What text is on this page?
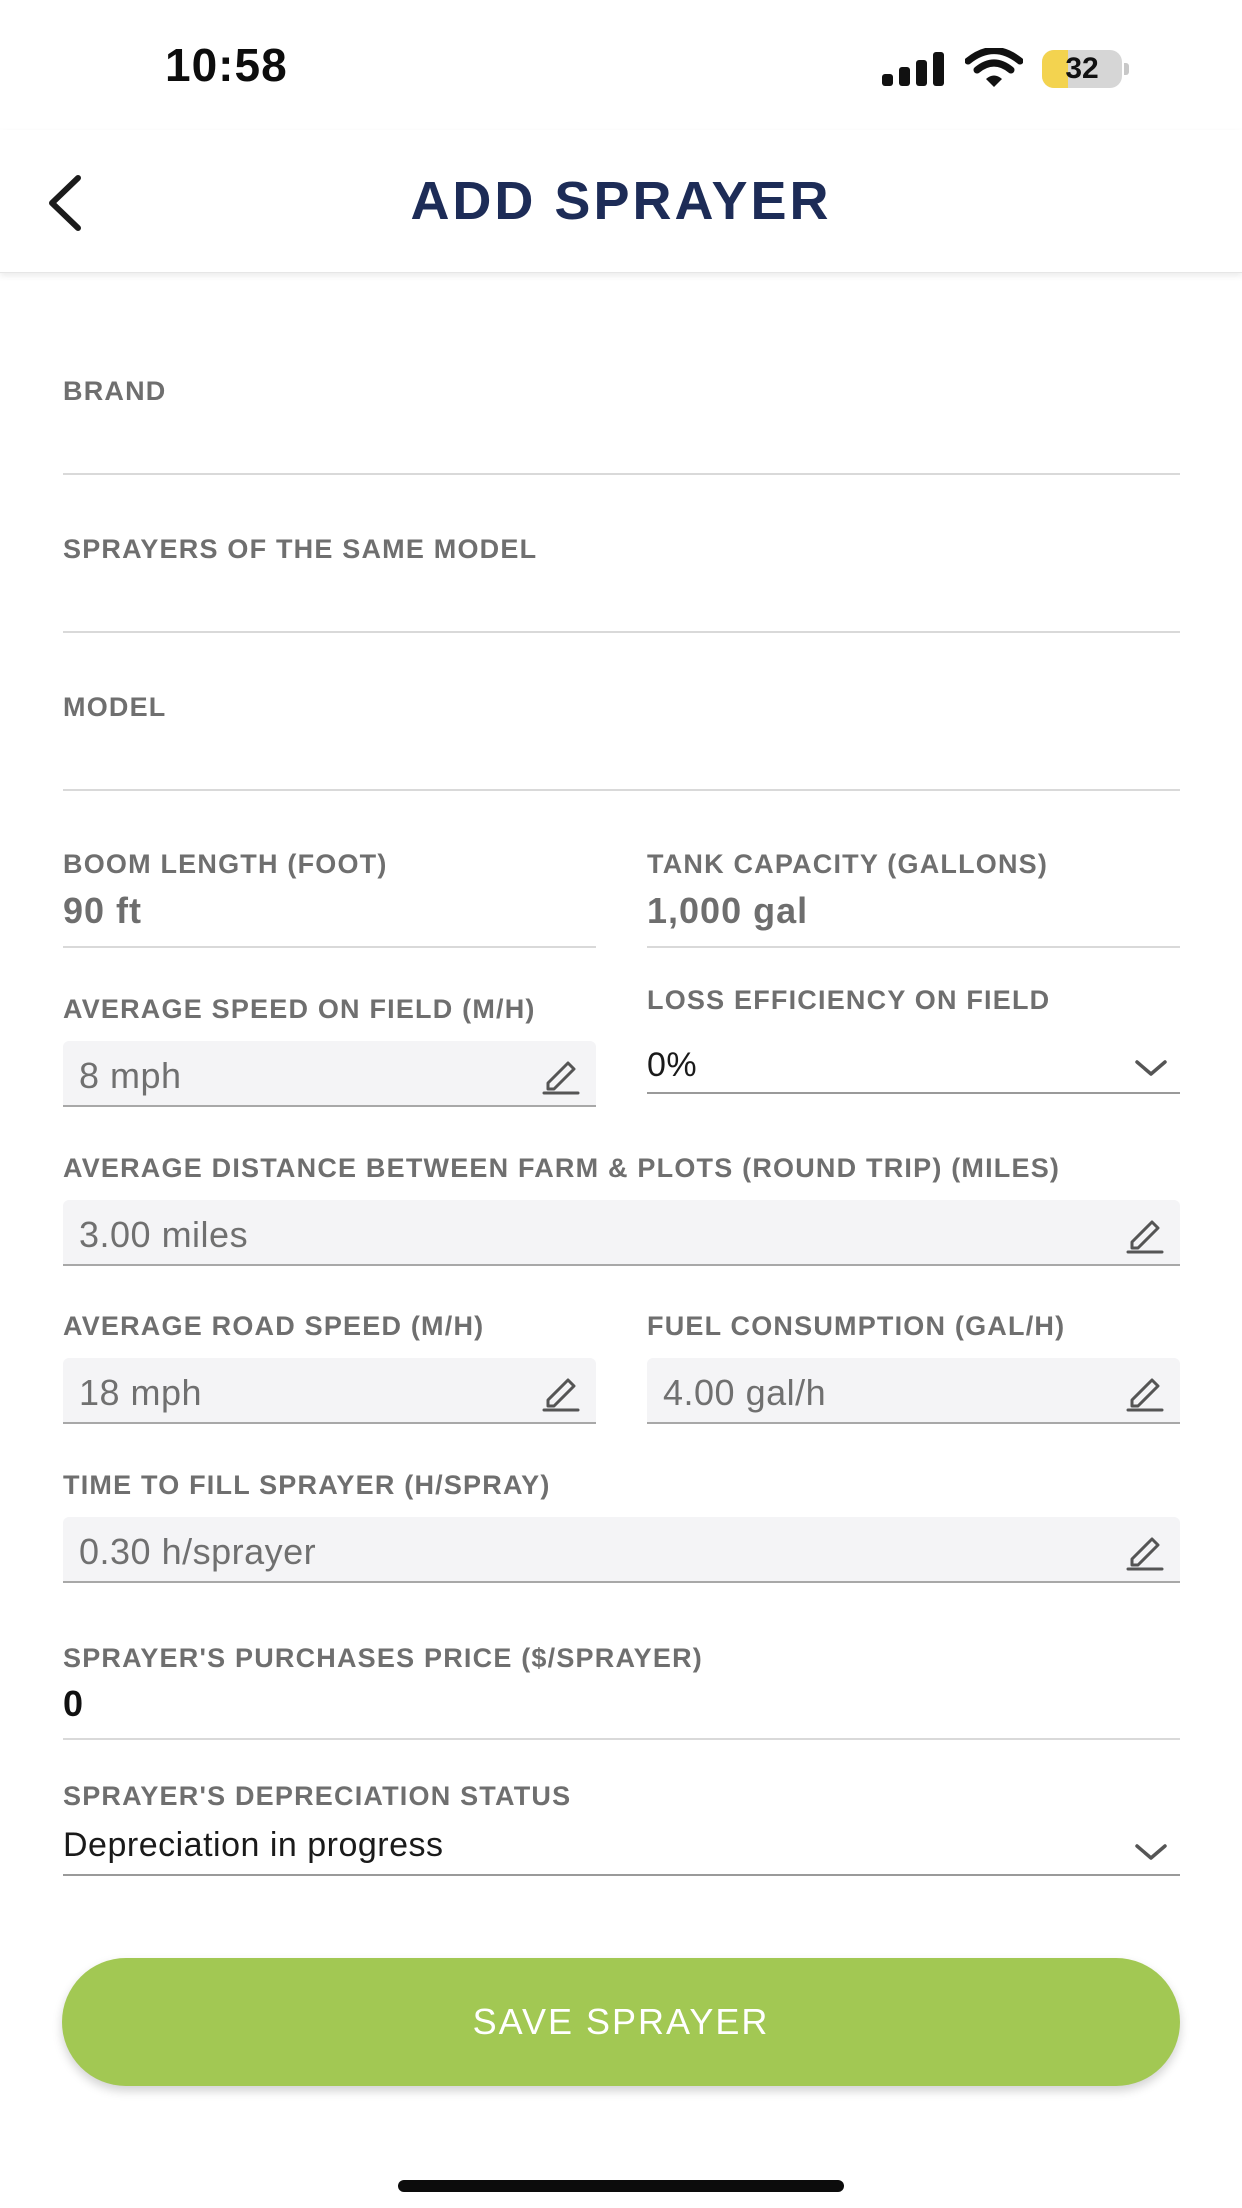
10:58	32
ADD SPRAYER
BRAND
SPRAYERS OF THE SAME MODEL
MODEL
BOOM LENGTH (FOOT)
90 ft
TANK CAPACITY (GALLONS)
1,000 gal
AVERAGE SPEED ON FIELD (M/H)
8 mph
LOSS EFFICIENCY ON FIELD
0%
AVERAGE DISTANCE BETWEEN FARM & PLOTS (ROUND TRIP) (MILES)
3.00 miles
AVERAGE ROAD SPEED (M/H)
18 mph
FUEL CONSUMPTION (GAL/H)
4.00 gal/h
TIME TO FILL SPRAYER (H/SPRAY)
0.30 h/sprayer
SPRAYER'S PURCHASES PRICE ($/SPRAYER)
0
SPRAYER'S DEPRECIATION STATUS
Depreciation in progress
SAVE SPRAYER
